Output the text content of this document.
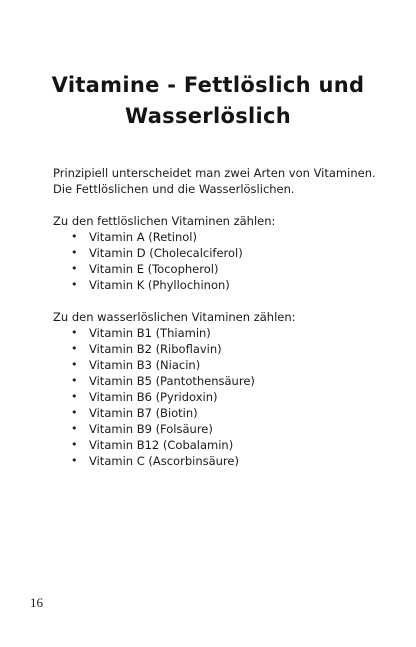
Vitamine - Fettlöslich und
Wasserlöslich

Prinzipiell unterscheidet man zwei Arten von Vitaminen.
Die Fettlöslichen und die Wasserlöslichen.

Zu den fettlöslichen Vitaminen zählen:

• Vitamin A (Retinol)
• Vitamin D (Cholecalciferol)
• Vitamin E (Tocopherol)
• Vitamin K (Phyllochinon)

Zu den wasserlöslichen Vitaminen zählen:

• Vitamin B1 (Thiamin)
• Vitamin B2 (Riboflavin)
• Vitamin B3 (Niacin)
• Vitamin B5 (Pantothensäure)
• Vitamin B6 (Pyridoxin)
• Vitamin B7 (Biotin)
• Vitamin B9 (Folsäure)
• Vitamin B12 (Cobalamin)
• Vitamin C (Ascorbinsäure)
16
